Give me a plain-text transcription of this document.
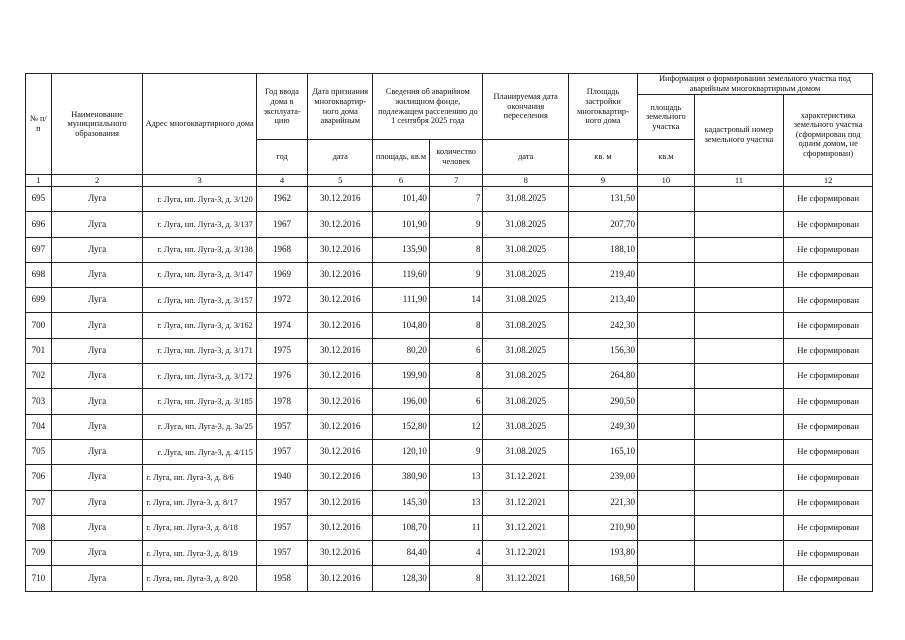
№ п/п	Наименование муниципального образования	Адрес многоквартирного дома	Год ввода дома в эксплуата-цию	Дата признания многоквартир-ного дома аварийным	Сведения об аварийном жилищном фонде, подлежащем расселению до 1 сентября 2025 года		Планируемая дата окончания переселения	Площадь застройки многоквартир-ного дома	Информация о формировании земельного участка под аварийным многоквартирным домом		
									площадь земельного участка	кадастровый номер земельного участка	характеристика земельного участка (сформирован под одним домом, не сформирован)
			год	дата	площадь, кв.м	количество человек	дата	кв. м	кв.м		
1	2	3	4	5	6	7	8	9	10	11	12
695	Луга	г. Луга, нп. Луга-3, д. 3/120	1962	30.12.2016	101,40	7	31.08.2025	131,50			Не сформирован
696	Луга	г. Луга, нп. Луга-3, д. 3/137	1967	30.12.2016	101,90	9	31.08.2025	207,70			Не сформирован
697	Луга	г. Луга, нп. Луга-3, д. 3/138	1968	30.12.2016	135,90	8	31.08.2025	188,10			Не сформирован
698	Луга	г. Луга, нп. Луга-3, д. 3/147	1969	30.12.2016	119,60	9	31.08.2025	219,40			Не сформирован
699	Луга	г. Луга, нп. Луга-3, д. 3/157	1972	30.12.2016	111,90	14	31.08.2025	213,40			Не сформирован
700	Луга	г. Луга, нп. Луга-3, д. 3/162	1974	30.12.2016	104,80	8	31.08.2025	242,30			Не сформирован
701	Луга	г. Луга, нп. Луга-3, д. 3/171	1975	30.12.2016	80,20	6	31.08.2025	156,30			Не сформирован
702	Луга	г. Луга, нп. Луга-3, д. 3/172	1976	30.12.2016	199,90	8	31.08.2025	264,80			Не сформирован
703	Луга	г. Луга, нп. Луга-3, д. 3/185	1978	30.12.2016	196,00	6	31.08.2025	290,50			Не сформирован
704	Луга	г. Луга, нп. Луга-3, д. 3а/25	1957	30.12.2016	152,80	12	31.08.2025	249,30			Не сформирован
705	Луга	г. Луга, нп. Луга-3, д. 4/115	1957	30.12.2016	120,10	9	31.08.2025	165,10			Не сформирован
706	Луга	г. Луга, нп. Луга-3, д. 8/6	1940	30.12.2016	380,90	13	31.12.2021	239,00			Не сформирован
707	Луга	г. Луга, нп. Луга-3, д. 8/17	1957	30.12.2016	145,30	13	31.12.2021	221,30			Не сформирован
708	Луга	г. Луга, нп. Луга-3, д. 8/18	1957	30.12.2016	108,70	11	31.12.2021	210,90			Не сформирован
709	Луга	г. Луга, нп. Луга-3, д. 8/19	1957	30.12.2016	84,40	4	31.12.2021	193,80			Не сформирован
710	Луга	г. Луга, нп. Луга-3, д. 8/20	1958	30.12.2016	128,30	8	31.12.2021	168,50			Не сформирован
